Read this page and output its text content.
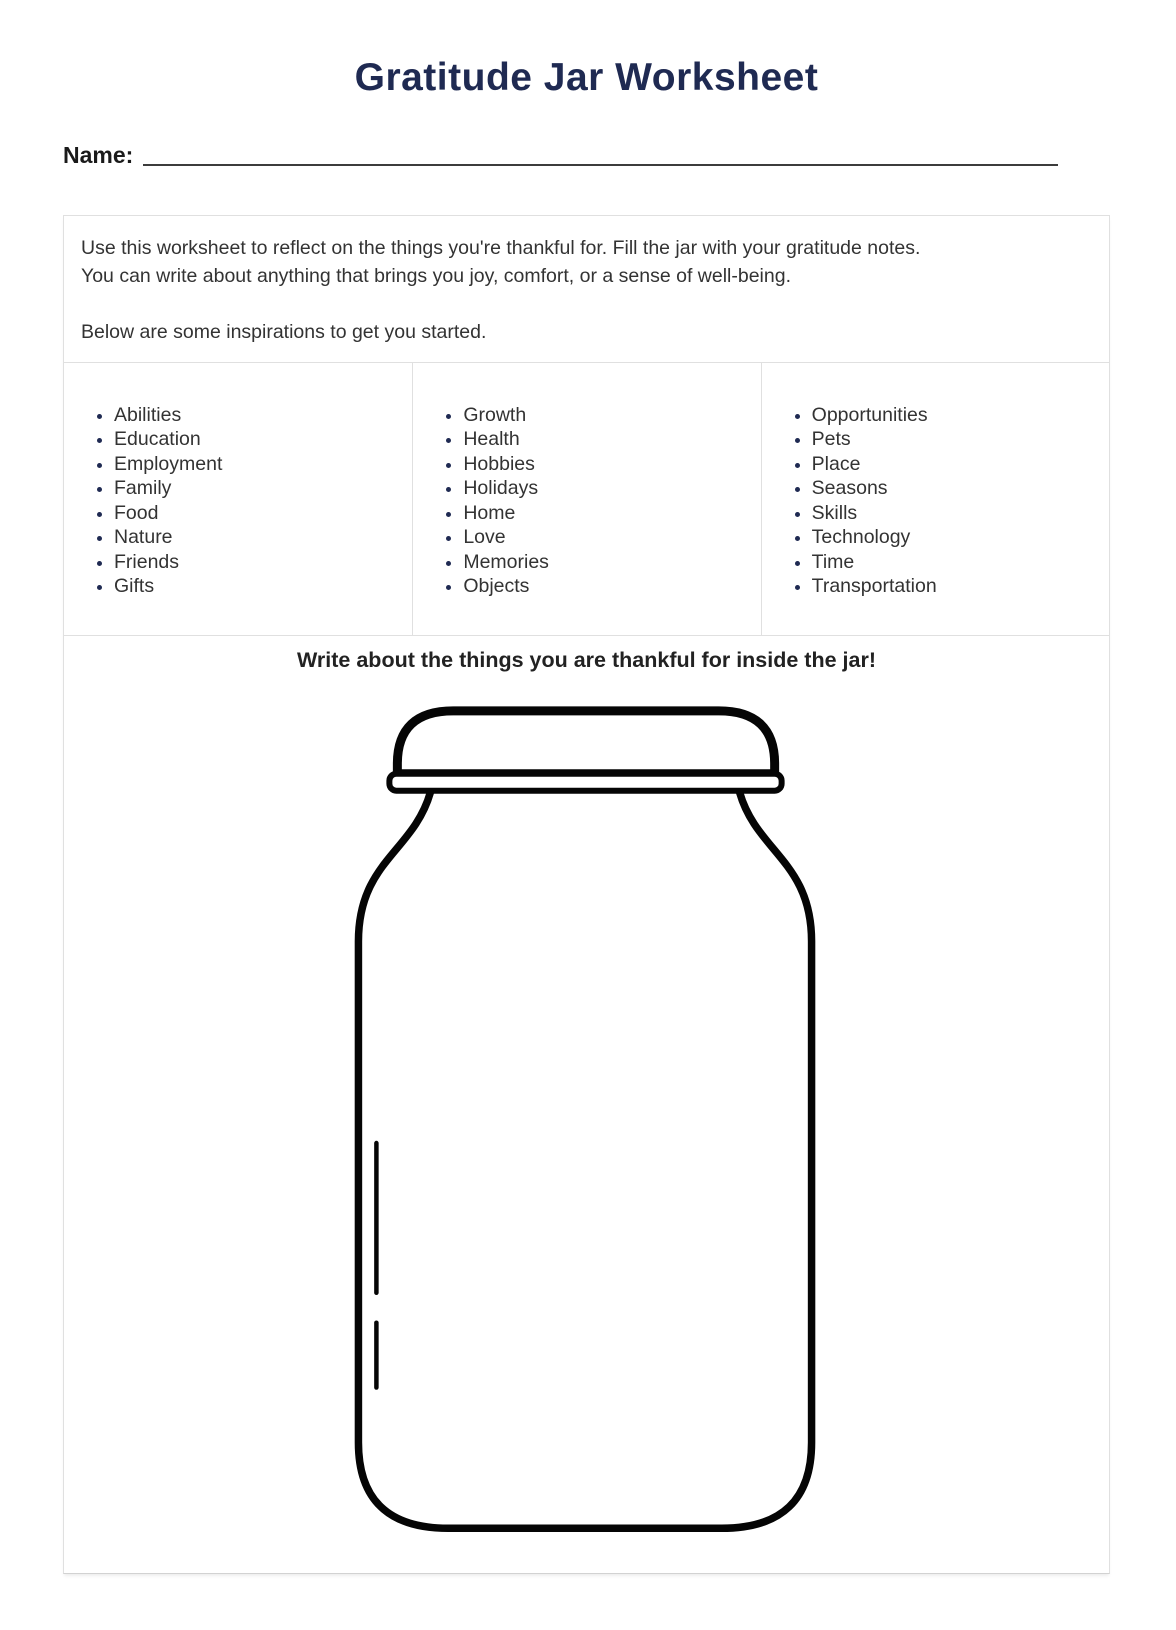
Gratitude Jar Worksheet
Name:
Use this worksheet to reflect on the things you're thankful for. Fill the jar with your gratitude notes.
You can write about anything that brings you joy, comfort, or a sense of well-being.
Below are some inspirations to get you started.
• Abilities
• Education
• Employment
• Family
• Food
• Nature
• Friends
• Gifts
• Growth
• Health
• Hobbies
• Holidays
• Home
• Love
• Memories
• Objects
• Opportunities
• Pets
• Place
• Seasons
• Skills
• Technology
• Time
• Transportation
Write about the things you are thankful for inside the jar!
